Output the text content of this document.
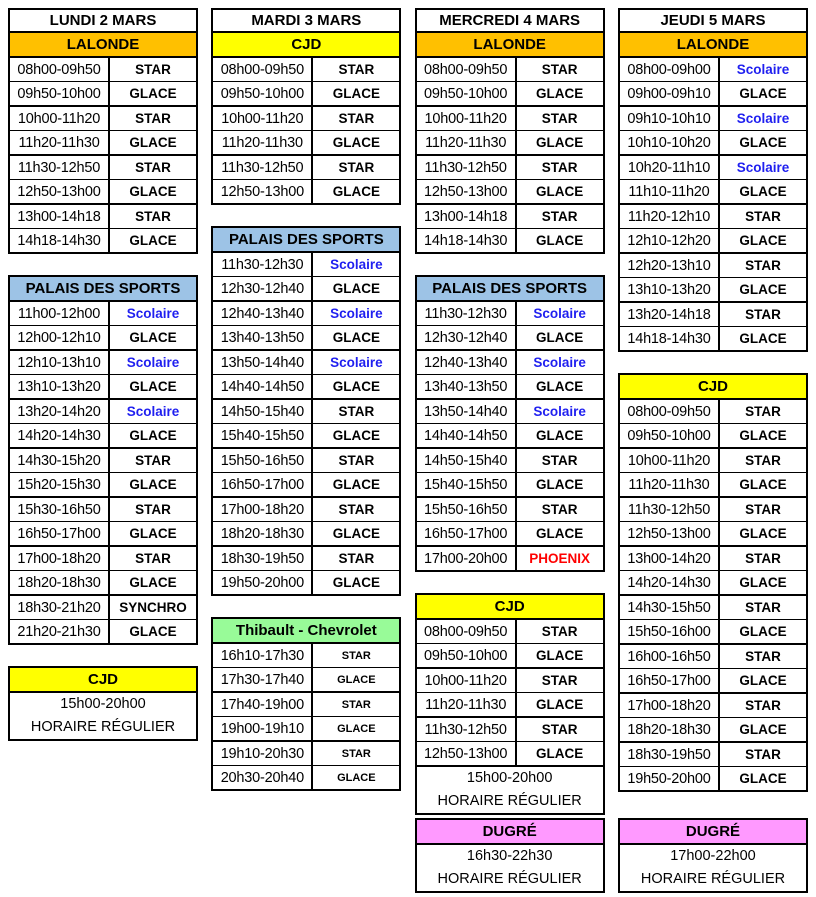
LUNDI 2 MARS
LALONDE
08h00-09h50	STAR
09h50-10h00	GLACE
10h00-11h20	STAR
11h20-11h30	GLACE
11h30-12h50	STAR
12h50-13h00	GLACE
13h00-14h18	STAR
14h18-14h30	GLACE
PALAIS DES SPORTS
11h00-12h00	Scolaire
12h00-12h10	GLACE
12h10-13h10	Scolaire
13h10-13h20	GLACE
13h20-14h20	Scolaire
14h20-14h30	GLACE
14h30-15h20	STAR
15h20-15h30	GLACE
15h30-16h50	STAR
16h50-17h00	GLACE
17h00-18h20	STAR
18h20-18h30	GLACE
18h30-21h20	SYNCHRO
21h20-21h30	GLACE
CJD
15h00-20h00
HORAIRE RÉGULIER
MARDI 3 MARS
CJD
08h00-09h50	STAR
09h50-10h00	GLACE
10h00-11h20	STAR
11h20-11h30	GLACE
11h30-12h50	STAR
12h50-13h00	GLACE
PALAIS DES SPORTS
11h30-12h30	Scolaire
12h30-12h40	GLACE
12h40-13h40	Scolaire
13h40-13h50	GLACE
13h50-14h40	Scolaire
14h40-14h50	GLACE
14h50-15h40	STAR
15h40-15h50	GLACE
15h50-16h50	STAR
16h50-17h00	GLACE
17h00-18h20	STAR
18h20-18h30	GLACE
18h30-19h50	STAR
19h50-20h00	GLACE
Thibault - Chevrolet
16h10-17h30	STAR
17h30-17h40	GLACE
17h40-19h00	STAR
19h00-19h10	GLACE
19h10-20h30	STAR
20h30-20h40	GLACE
MERCREDI 4 MARS
LALONDE
08h00-09h50	STAR
09h50-10h00	GLACE
10h00-11h20	STAR
11h20-11h30	GLACE
11h30-12h50	STAR
12h50-13h00	GLACE
13h00-14h18	STAR
14h18-14h30	GLACE
PALAIS DES SPORTS
11h30-12h30	Scolaire
12h30-12h40	GLACE
12h40-13h40	Scolaire
13h40-13h50	GLACE
13h50-14h40	Scolaire
14h40-14h50	GLACE
14h50-15h40	STAR
15h40-15h50	GLACE
15h50-16h50	STAR
16h50-17h00	GLACE
17h00-20h00	PHOENIX
CJD
08h00-09h50	STAR
09h50-10h00	GLACE
10h00-11h20	STAR
11h20-11h30	GLACE
11h30-12h50	STAR
12h50-13h00	GLACE
15h00-20h00
HORAIRE RÉGULIER
DUGRÉ
16h30-22h30
HORAIRE RÉGULIER
JEUDI 5 MARS
LALONDE
08h00-09h00	Scolaire
09h00-09h10	GLACE
09h10-10h10	Scolaire
10h10-10h20	GLACE
10h20-11h10	Scolaire
11h10-11h20	GLACE
11h20-12h10	STAR
12h10-12h20	GLACE
12h20-13h10	STAR
13h10-13h20	GLACE
13h20-14h18	STAR
14h18-14h30	GLACE
CJD
08h00-09h50	STAR
09h50-10h00	GLACE
10h00-11h20	STAR
11h20-11h30	GLACE
11h30-12h50	STAR
12h50-13h00	GLACE
13h00-14h20	STAR
14h20-14h30	GLACE
14h30-15h50	STAR
15h50-16h00	GLACE
16h00-16h50	STAR
16h50-17h00	GLACE
17h00-18h20	STAR
18h20-18h30	GLACE
18h30-19h50	STAR
19h50-20h00	GLACE
DUGRÉ
17h00-22h00
HORAIRE RÉGULIER
